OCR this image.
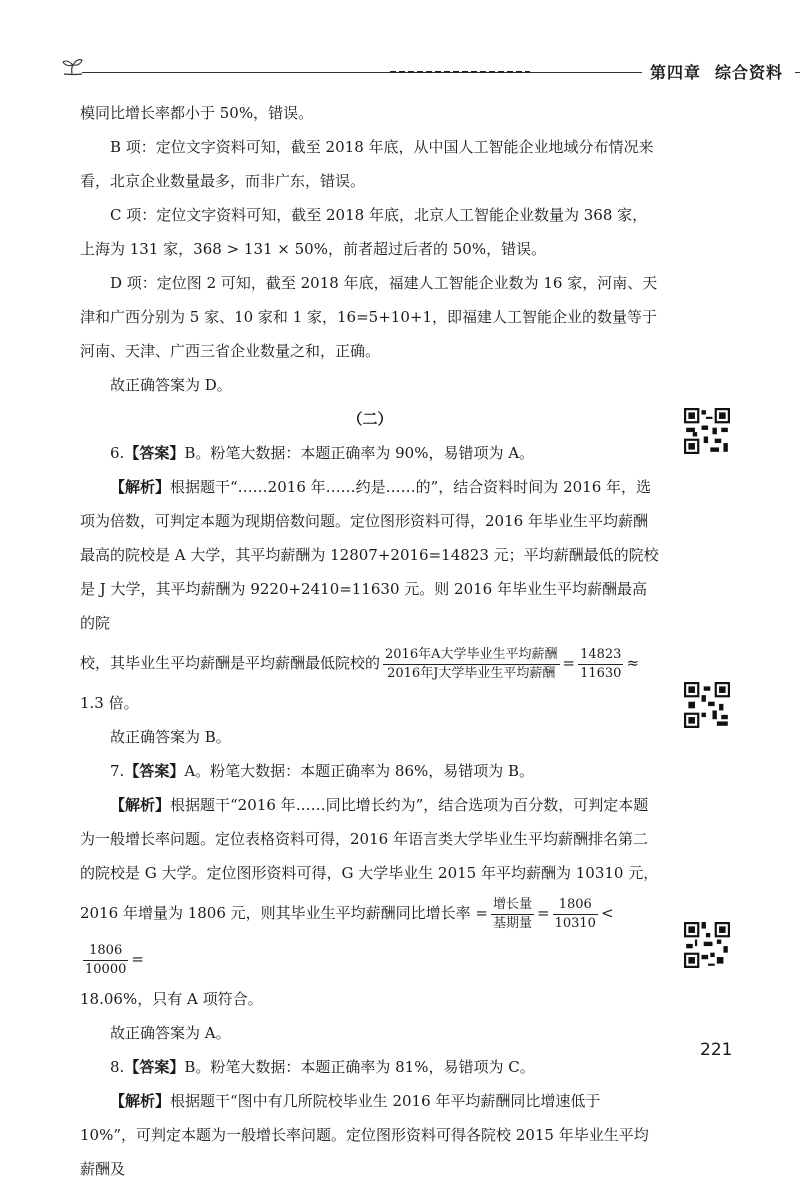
第四章 综合资料

模同比增长率都小于 50%，错误。

B 项：定位文字资料可知，截至 2018 年底，从中国人工智能企业地域分布情况来看，北京企业数量最多，而非广东，错误。

C 项：定位文字资料可知，截至 2018 年底，北京人工智能企业数量为 368 家，上海为 131 家，368 > 131 × 50%，前者超过后者的 50%，错误。

D 项：定位图 2 可知，截至 2018 年底，福建人工智能企业数为 16 家，河南、天津和广西分别为 5 家、10 家和 1 家，16=5+10+1，即福建人工智能企业的数量等于河南、天津、广西三省企业数量之和，正确。

故正确答案为 D。

（二）

6.【答案】B。粉笔大数据：本题正确率为 90%，易错项为 A。

【解析】根据题干“……2016 年……约是……的”，结合资料时间为 2016 年，选项为倍数，可判定本题为现期倍数问题。定位图形资料可得，2016 年毕业生平均薪酬最高的院校是 A 大学，其平均薪酬为 12807+2016=14823 元；平均薪酬最低的院校是 J 大学，其平均薪酬为 9220+2410=11630 元。则 2016 年毕业生平均薪酬最高的院

校，其毕业生平均薪酬是平均薪酬最低院校的 $\frac{\text{2016年A大学毕业生平均薪酬}}{\text{2016年J大学毕业生平均薪酬}} = \frac{14823}{11630}$ ≈

1.3 倍。

故正确答案为 B。

7.【答案】A。粉笔大数据：本题正确率为 86%，易错项为 B。

【解析】根据题干“2016 年……同比增长约为”，结合选项为百分数，可判定本题为一般增长率问题。定位表格资料可得，2016 年语言类大学毕业生平均薪酬排名第二的院校是 G 大学。定位图形资料可得，G 大学毕业生 2015 年平均薪酬为 10310 元，

2016 年增量为 1806 元，则其毕业生平均薪酬同比增长率 = $\frac{\text{增长量}}{\text{基期量}} = \frac{1806}{10310}$ <
$\frac{1806}{10000}$ =

18.06%，只有 A 项符合。

故正确答案为 A。

8.【答案】B。粉笔大数据：本题正确率为 81%，易错项为 C。

【解析】根据题干“图中有几所院校毕业生 2016 年平均薪酬同比增速低于 10%”，可判定本题为一般增长率问题。定位图形资料可得各院校 2015 年毕业生平均薪酬及

221
